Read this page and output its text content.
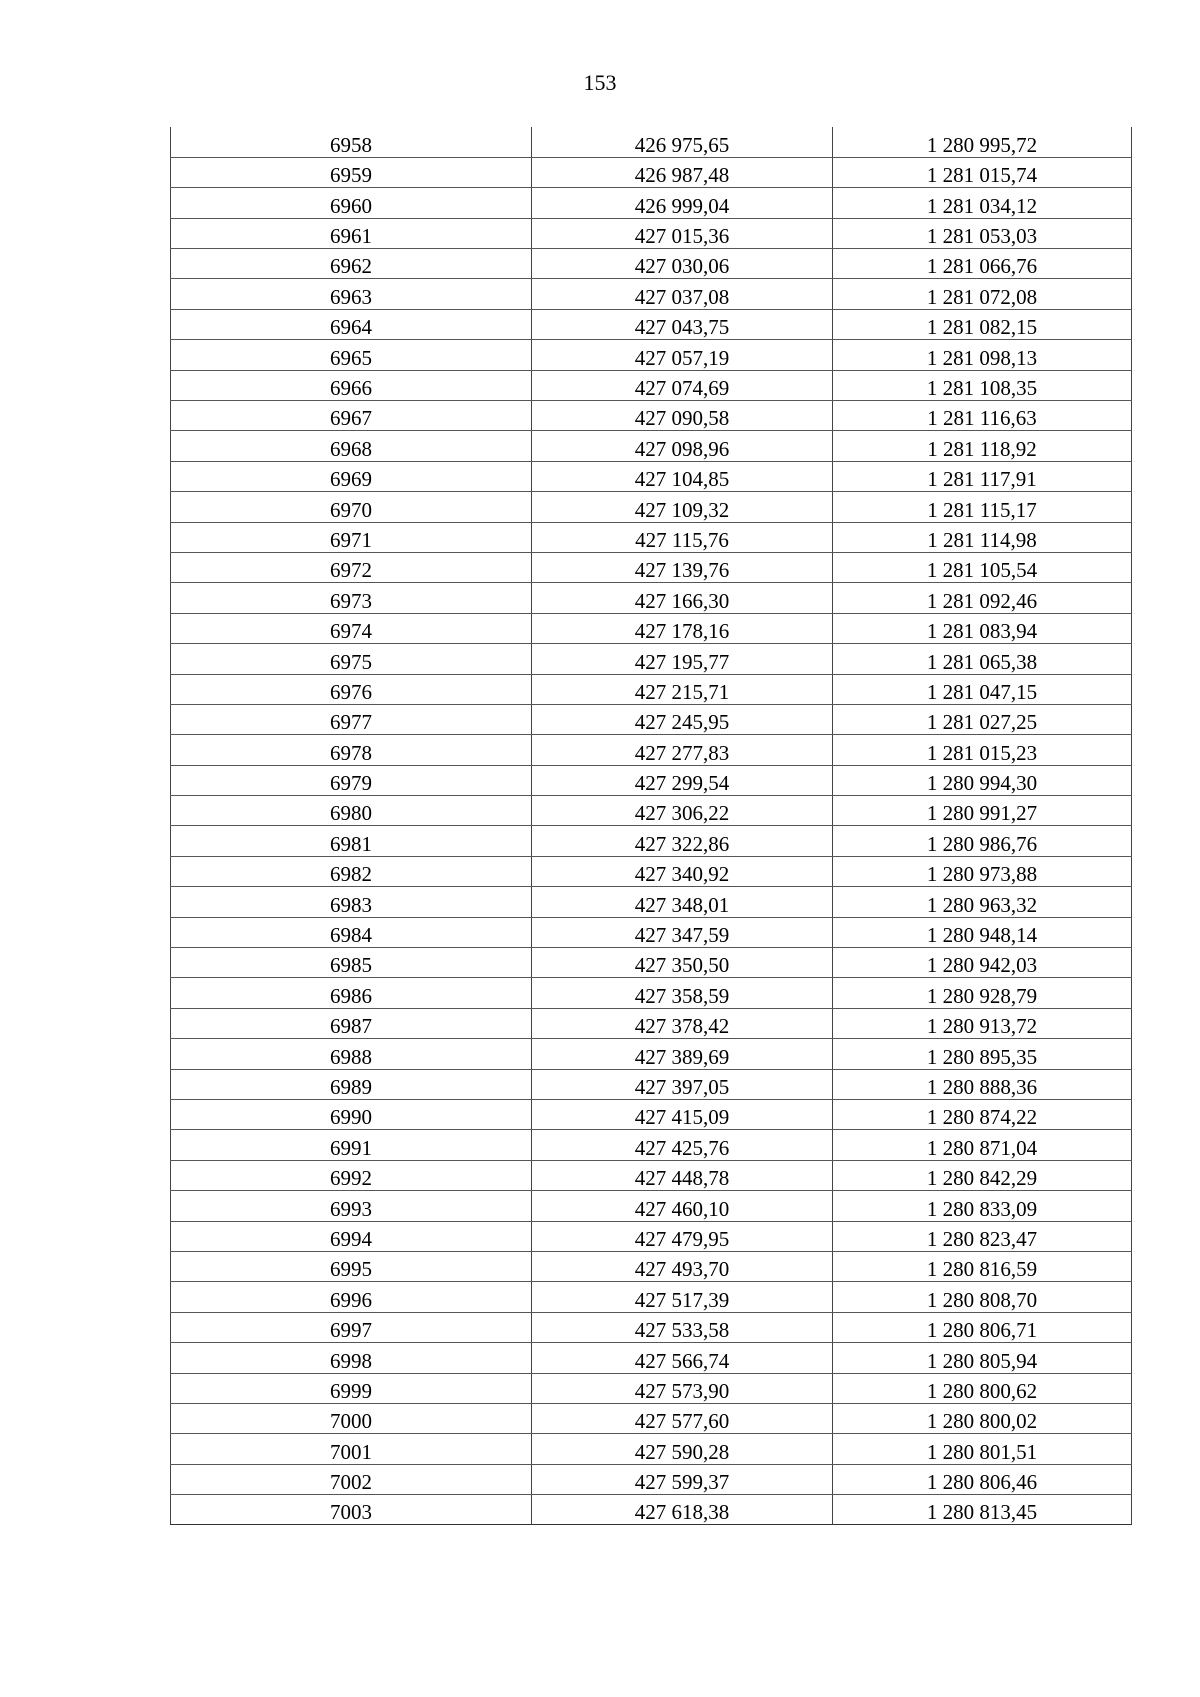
153
6958	426 975,65	1 280 995,72
6959	426 987,48	1 281 015,74
6960	426 999,04	1 281 034,12
6961	427 015,36	1 281 053,03
6962	427 030,06	1 281 066,76
6963	427 037,08	1 281 072,08
6964	427 043,75	1 281 082,15
6965	427 057,19	1 281 098,13
6966	427 074,69	1 281 108,35
6967	427 090,58	1 281 116,63
6968	427 098,96	1 281 118,92
6969	427 104,85	1 281 117,91
6970	427 109,32	1 281 115,17
6971	427 115,76	1 281 114,98
6972	427 139,76	1 281 105,54
6973	427 166,30	1 281 092,46
6974	427 178,16	1 281 083,94
6975	427 195,77	1 281 065,38
6976	427 215,71	1 281 047,15
6977	427 245,95	1 281 027,25
6978	427 277,83	1 281 015,23
6979	427 299,54	1 280 994,30
6980	427 306,22	1 280 991,27
6981	427 322,86	1 280 986,76
6982	427 340,92	1 280 973,88
6983	427 348,01	1 280 963,32
6984	427 347,59	1 280 948,14
6985	427 350,50	1 280 942,03
6986	427 358,59	1 280 928,79
6987	427 378,42	1 280 913,72
6988	427 389,69	1 280 895,35
6989	427 397,05	1 280 888,36
6990	427 415,09	1 280 874,22
6991	427 425,76	1 280 871,04
6992	427 448,78	1 280 842,29
6993	427 460,10	1 280 833,09
6994	427 479,95	1 280 823,47
6995	427 493,70	1 280 816,59
6996	427 517,39	1 280 808,70
6997	427 533,58	1 280 806,71
6998	427 566,74	1 280 805,94
6999	427 573,90	1 280 800,62
7000	427 577,60	1 280 800,02
7001	427 590,28	1 280 801,51
7002	427 599,37	1 280 806,46
7003	427 618,38	1 280 813,45
